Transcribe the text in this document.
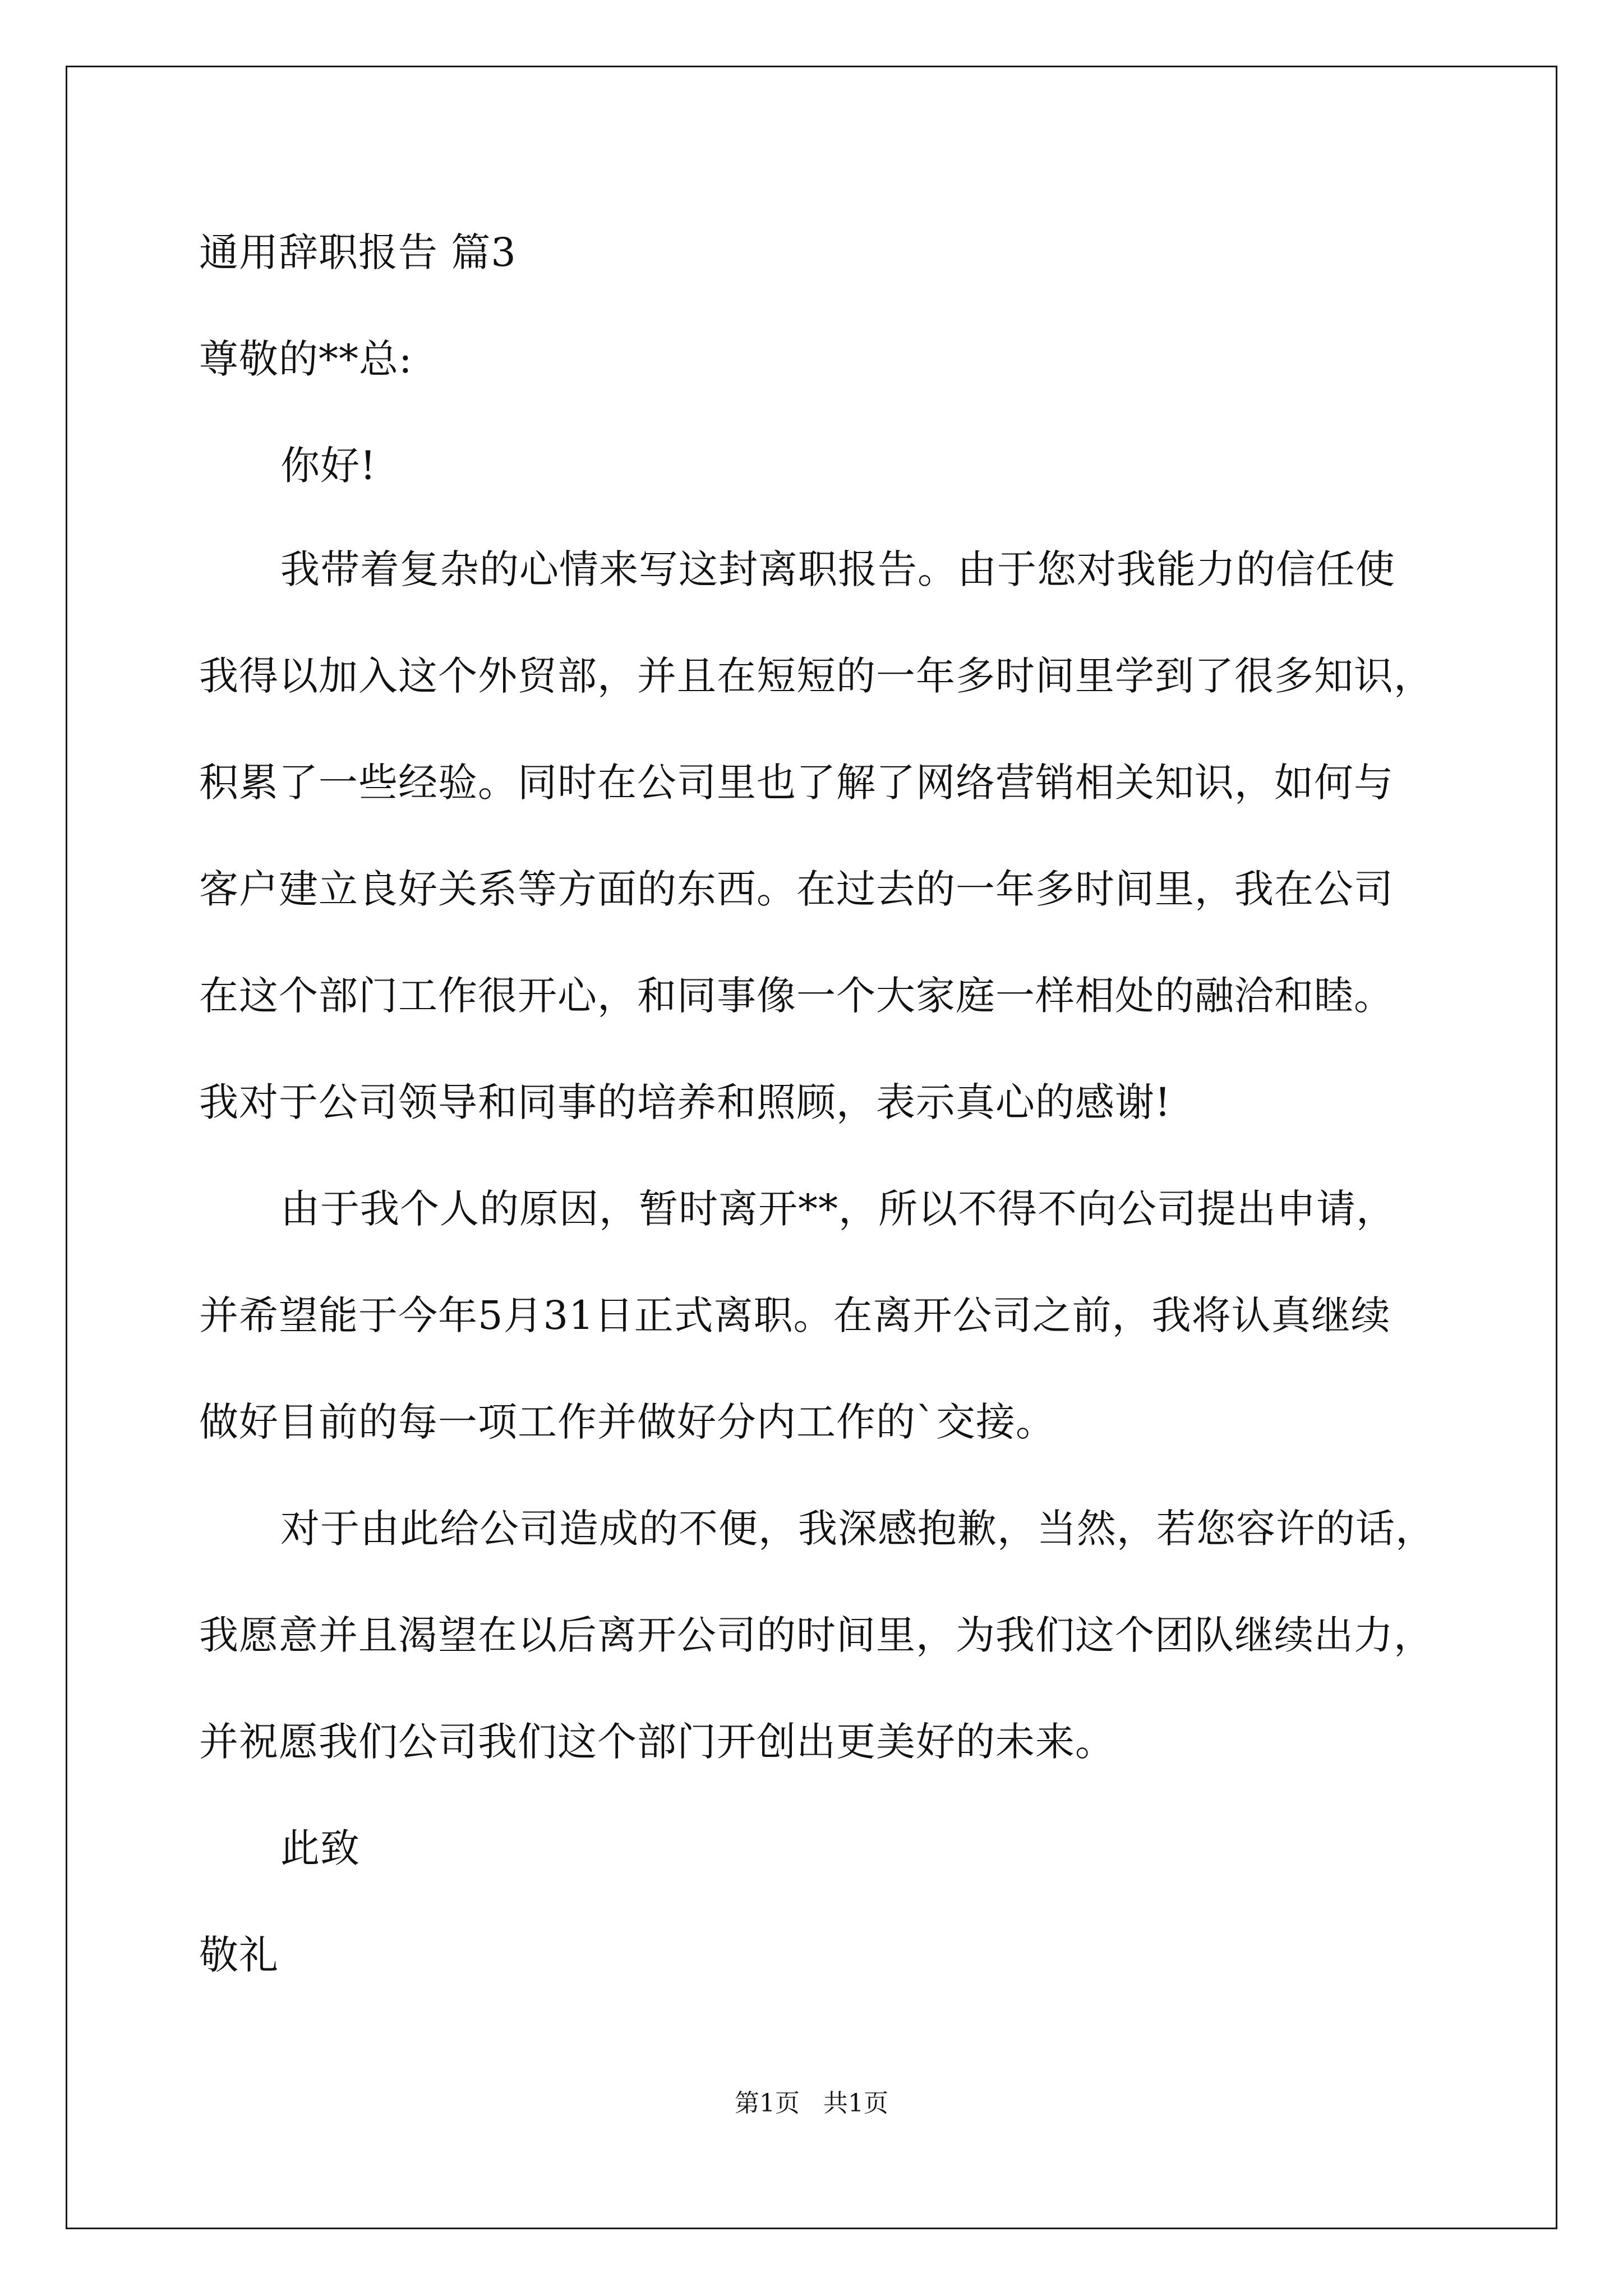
通用辞职报告 篇3
尊敬的**总:
你好!
我带着复杂的心情来写这封离职报告。由于您对我能力的信任使
我得以加入这个外贸部，并且在短短的一年多时间里学到了很多知识，
积累了一些经验。同时在公司里也了解了网络营销相关知识，如何与
客户建立良好关系等方面的东西。在过去的一年多时间里，我在公司
在这个部门工作很开心，和同事像一个大家庭一样相处的融洽和睦。
我对于公司领导和同事的培养和照顾，表示真心的感谢!
由于我个人的原因，暂时离开**，所以不得不向公司提出申请，
并希望能于今年5月31日正式离职。在离开公司之前，我将认真继续
做好目前的每一项工作并做好分内工作的`交接。
对于由此给公司造成的不便，我深感抱歉，当然，若您容许的话，
我愿意并且渴望在以后离开公司的时间里，为我们这个团队继续出力，
并祝愿我们公司我们这个部门开创出更美好的未来。
此致
敬礼
第1页   共1页
